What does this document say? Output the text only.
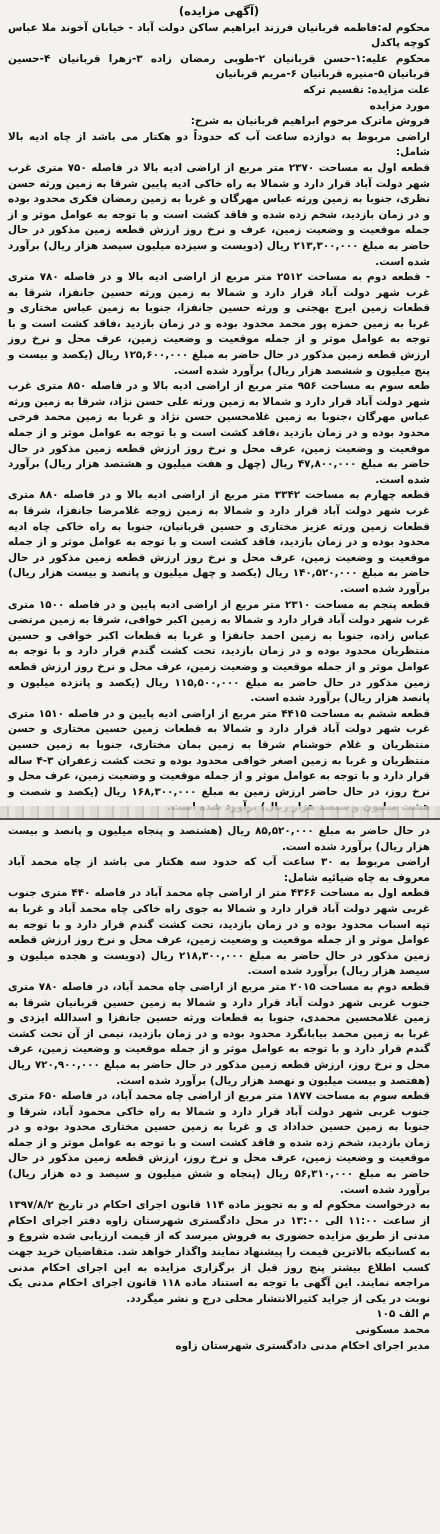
(آگهی مزایده)
محکوم له:فاطمه قربانیان فرزند ابراهیم ساکن دولت آباد - خیابان آخوند ملا عباس کوچه پاکدل
محکوم علیه:۱-حسن قربانیان ۲-طوبی رمضان زاده ۳-زهرا قربانیان ۴-حسین قربانیان ۵-منیره قربانیان ۶-مریم قربانیان
علت مزایده: تقسیم ترکه
مورد مزایده
فروش ماترک مرحوم ابراهیم قربانیان به شرح:

اراضی مربوط به دوازده ساعت آب که حدوداً دو هکتار می باشد از چاه ادیه بالا شامل:

قطعه اول به مساحت ۲۳۷۰ متر مربع از اراضی ادیه بالا در فاصله ۷۵۰ متری غرب شهر دولت آباد قرار دارد و شمالا به راه خاکی ادیه پایین شرقا به زمین ورثه حسن نظری، جنوبا به زمین ورثه عباس مهرگان و غربا به زمین رمضان فکری محدود بوده و در زمان بازدید، شخم زده شده و فاقد کشت است و با توجه به عوامل موثر و از جمله موقعیت و وضعیت زمین، عرف و نرخ روز ارزش قطعه زمین مذکور در حال حاضر به مبلغ ۲۱۳,۳۰۰,۰۰۰ ریال (دویست و سیزده میلیون سیصد هزار ریال) برآورد شده است.

- قطعه دوم به مساحت ۲۵۱۲ متر مربع از اراضی ادیه بالا و در فاصله ۷۸۰ متری غرب شهر دولت آباد قرار دارد و شمالا به زمین ورثه حسین جانفزا، شرقا به قطعات زمین ایرج بهجتی و ورثه حسین جانفزا، جنوبا به زمین عباس مختاری و غربا به زمین حمزه پور محمد محدود بوده و در زمان بازدید ،فاقد کشت است و با توجه به عوامل موثر و از جمله موقعیت و وضعیت زمین، عرف محل و نرخ روز ارزش قطعه زمین مذکور در حال حاضر به مبلغ ۱۲۵,۶۰۰,۰۰۰ ریال (یکصد و بیست و پنج میلیون و ششصد هزار ریال) برآورد شده است.

طعه سوم به مساحت ۹۵۶ متر مربع از اراضی ادیه بالا و در فاصله ۸۵۰ متری غرب شهر دولت آباد قرار دارد و شمالا به زمین ورثه علی حسن نژاد، شرقا به زمین ورثه عباس مهرگان ،جنوبا به زمین غلامحسین حسن نژاد و غربا به زمین محمد فرخی محدود بوده و در زمان بازدید ،فاقد کشت است و با توجه به عوامل موثر و از جمله موقعیت و وضعیت زمین، عرف محل و نرخ روز ارزش قطعه زمین مذکور در حال حاضر به مبلغ ۴۷,۸۰۰,۰۰۰ ریال (چهل و هفت میلیون و هشتصد هزار ریال) برآورد شده است.

قطعه چهارم به مساحت ۳۳۴۲ متر مربع از اراضی ادیه بالا و در فاصله ۸۸۰ متری غرب شهر دولت آباد قرار دارد و شمالا به زمین زوجه غلامرضا جانفزا، شرقا به قطعات زمین ورثه عزیز مختاری و حسین قربانیان، جنوبا به راه خاکی چاه ادیه محدود بوده و در زمان بازدید، فاقد کشت است و با توجه به عوامل موثر و از جمله موقعیت و وضعیت زمین، عرف محل و نرخ روز ارزش قطعه زمین مذکور در حال حاضر به مبلغ ۱۴۰,۵۲۰,۰۰۰ ریال (یکصد و چهل میلیون و پانصد و بیست هزار ریال) برآورد شده است.

قطعه پنجم به مساحت ۲۳۱۰ متر مربع از اراضی ادیه پایین و در فاصله ۱۵۰۰ متری غرب شهر دولت آباد قرار دارد و شمالا به زمین اکبر خوافی، شرقا به زمین مرتضی عباس زاده، جنوبا به زمین احمد جانفزا و غربا به قطعات اکبر خوافی و حسین منتظریان محدود بوده و در زمان بازدید، تحت کشت گندم قرار دارد و با توجه به عوامل موثر و از جمله موقعیت و وضعیت زمین، عرف محل و نرخ روز ارزش قطعه زمین مذکور در حال حاضر به مبلغ ۱۱۵,۵۰۰,۰۰۰ ریال (یکصد و پانزده میلیون و پانصد هزار ریال) برآورد شده است.

قطعه ششم به مساحت ۴۴۱۵ متر مربع از اراضی ادیه پایین و در فاصله ۱۵۱۰ متری غرب شهر دولت آباد قرار دارد و شمالا به قطعات زمین حسین مختاری و حسن منتظریان و غلام خوشنام شرقا به زمین بمان مختاری، جنوبا به زمین حسین منتظریان و غربا به زمین اصغر خوافی محدود بوده و تحت کشت زعفران ۳-۴ ساله قرار دارد و با توجه به عوامل موثر و از جمله موقعیت و وضعیت زمین، عرف محل و نرخ روز، در حال حاضر ارزش زمین به مبلغ ۱۶۸,۳۰۰,۰۰۰ ریال (یکصد و شصت و

در حال حاضر به مبلغ ۸۵,۵۲۰,۰۰۰ ریال (هشتصد و پنجاه میلیون و پانصد و بیست هزار ریال) برآورد شده است.

اراضی مربوط به ۳۰ ساعت آب که حدود سه هکتار می باشد از چاه محمد آباد معروف به چاه ضیائیه شامل:

قطعه اول به مساحت ۴۳۶۶ متر از اراضی چاه محمد آباد در فاصله ۴۴۰ متری جنوب غربی شهر دولت آباد قرار دارد و شمالا به جوی راه خاکی چاه محمد آباد و غربا به تپه اسباب محدود بوده و در زمان بازدید، تحت کشت گندم قرار دارد و با توجه به عوامل موثر و از جمله موقعیت و وضعیت زمین، عرف محل و نرخ روز ارزش قطعه زمین مذکور در حال حاضر به مبلغ ۲۱۸,۳۰۰,۰۰۰ ریال (دویست و هجده میلیون و سیصد هزار ریال) برآورد شده است.

قطعه دوم به مساحت ۲۰۱۵ متر مربع از اراضی چاه محمد آباد، در فاصله ۷۸۰ متری جنوب غربی شهر دولت آباد قرار دارد و شمالا به زمین حسین قربانیان شرقا به زمین غلامحسین محمدی، جنوبا به قطعات ورثه حسین جانفزا و اسدالله ایزدی و غربا به زمین محمد بیابانگرد محدود بوده و در زمان بازدید، نیمی از آن تحت کشت گندم قرار دارد و با توجه به عوامل موثر و از جمله موقعیت و وضعیت زمین، عرف محل و نرخ روز، ارزش قطعه زمین مذکور در حال حاضر به مبلغ ۷۲۰,۹۰۰,۰۰۰ ریال (هفتصد و بیست میلیون و نهصد هزار ریال) برآورد شده است.

قطعه سوم به مساحت ۱۸۷۷ متر مربع از اراضی چاه محمد آباد، در فاصله ۶۵۰ متری جنوب غربی شهر دولت آباد قرار دارد و شمالا به راه خاکی محمود آباد، شرقا و جنوبا به زمین حسین خداداد ی و غربا به زمین حسین مختاری محدود بوده و در زمان بازدید، شخم زده شده و فاقد کشت است و با توجه به عوامل موثر و از جمله موقعیت و وضعیت زمین، عرف محل و نرخ روز، ارزش قطعه زمین مذکور در حال حاضر به مبلغ ۵۶,۳۱۰,۰۰۰ ریال (پنجاه و شش میلیون و سیصد و ده هزار ریال) برآورد شده است.

به درخواست محکوم له و به تجویز ماده ۱۱۴ قانون اجرای احکام در تاریخ ۱۳۹۷/۸/۲ از ساعت ۱۱:۰۰ الی ۱۳:۰۰ در محل دادگستری شهرستان زاوه دفتر اجرای احکام مدنی از طریق مزایده حضوری به فروش میرسد که از قیمت ارزیابی شده شروع و به کسانیکه بالاترین قیمت را پیشنهاد نمایند واگذار خواهد شد. متقاضیان خرید جهت کسب اطلاع بیشتر پنج روز قبل از برگزاری مزایده به این اجرای احکام مدنی مراجعه نمایند. این آگهی با توجه به استناد ماده ۱۱۸ قانون اجرای احکام مدنی یک نوبت در یکی از جراید کثیرالانتشار محلی درج و نشر میگردد.

م الف ۱۰۵
محمد مسکونی
مدیر اجرای احکام مدنی دادگستری شهرستان زاوه
